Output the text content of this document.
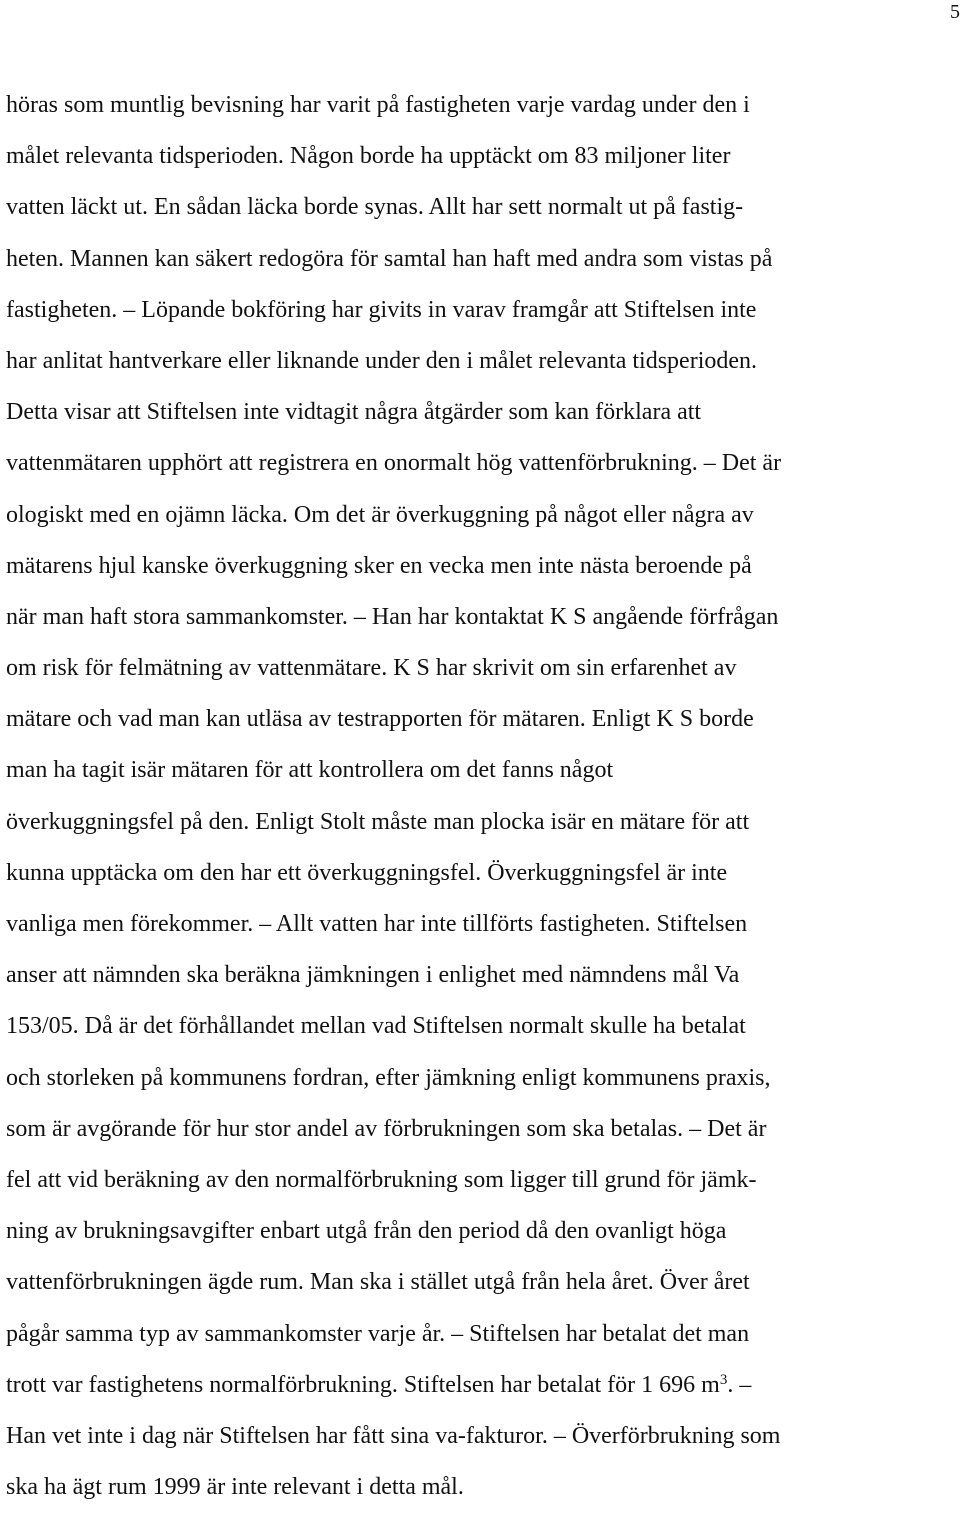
5
höras som muntlig bevisning har varit på fastigheten varje vardag under den i
målet relevanta tidsperioden. Någon borde ha upptäckt om 83 miljoner liter
vatten läckt ut. En sådan läcka borde synas. Allt har sett normalt ut på fastig-
heten. Mannen kan säkert redogöra för samtal han haft med andra som vistas på
fastigheten. – Löpande bokföring har givits in varav framgår att Stiftelsen inte
har anlitat hantverkare eller liknande under den i målet relevanta tidsperioden.
Detta visar att Stiftelsen inte vidtagit några åtgärder som kan förklara att
vattenmätaren upphört att registrera en onormalt hög vattenförbrukning. – Det är
ologiskt med en ojämn läcka. Om det är överkuggning på något eller några av
mätarens hjul kanske överkuggning sker en vecka men inte nästa beroende på
när man haft stora sammankomster. – Han har kontaktat K S angående förfrågan
om risk för felmätning av vattenmätare. K S har skrivit om sin erfarenhet av
mätare och vad man kan utläsa av testrapporten för mätaren. Enligt K S borde
man ha tagit isär mätaren för att kontrollera om det fanns något
överkuggningsfel på den. Enligt Stolt måste man plocka isär en mätare för att
kunna upptäcka om den har ett överkuggningsfel. Överkuggningsfel är inte
vanliga men förekommer. – Allt vatten har inte tillförts fastigheten. Stiftelsen
anser att nämnden ska beräkna jämkningen i enlighet med nämndens mål Va
153/05. Då är det förhållandet mellan vad Stiftelsen normalt skulle ha betalat
och storleken på kommunens fordran, efter jämkning enligt kommunens praxis,
som är avgörande för hur stor andel av förbrukningen som ska betalas. – Det är
fel att vid beräkning av den normalförbrukning som ligger till grund för jämk-
ning av brukningsavgifter enbart utgå från den period då den ovanligt höga
vattenförbrukningen ägde rum. Man ska i stället utgå från hela året. Över året
pågår samma typ av sammankomster varje år. – Stiftelsen har betalat det man
trott var fastighetens normalförbrukning. Stiftelsen har betalat för 1 696 $m^3$. –
Han vet inte i dag när Stiftelsen har fått sina va-fakturor. – Överförbrukning som
ska ha ägt rum 1999 är inte relevant i detta mål.
